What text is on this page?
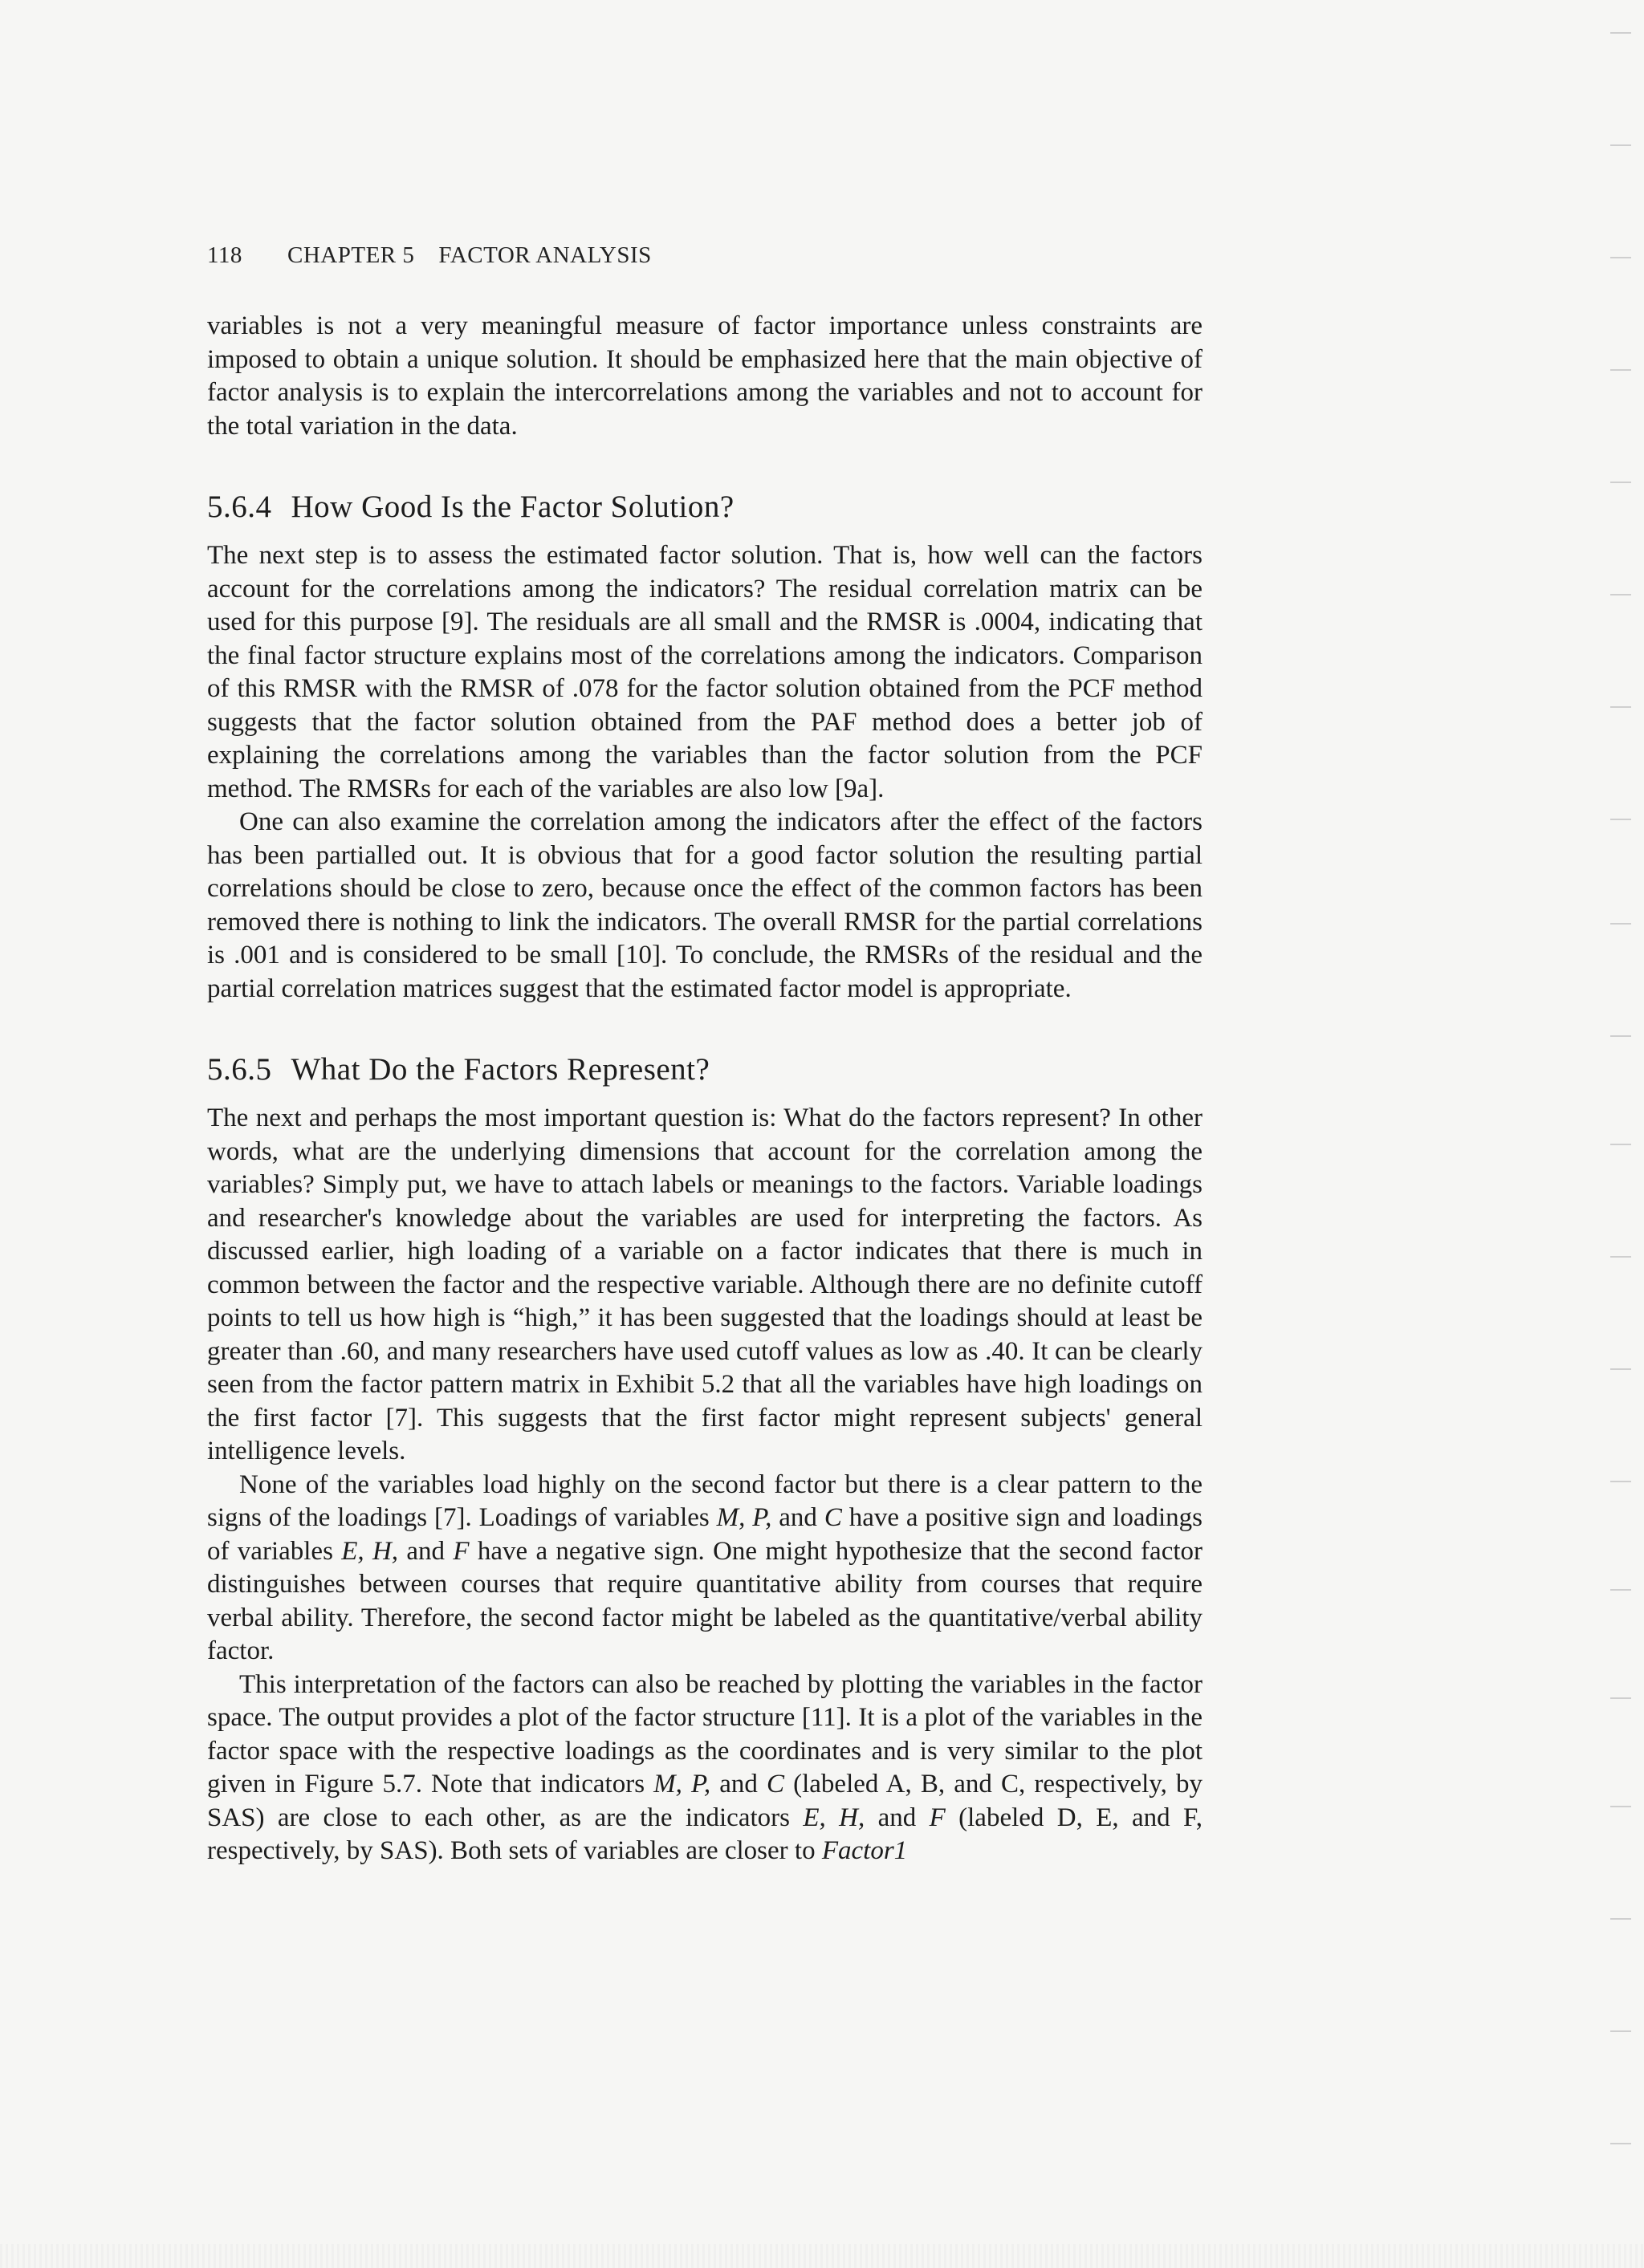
118 CHAPTER 5 FACTOR ANALYSIS

variables is not a very meaningful measure of factor importance unless constraints are imposed to obtain a unique solution. It should be emphasized here that the main objective of factor analysis is to explain the intercorrelations among the variables and not to account for the total variation in the data.

5.6.4 How Good Is the Factor Solution?

The next step is to assess the estimated factor solution. That is, how well can the factors account for the correlations among the indicators? The residual correlation matrix can be used for this purpose [9]. The residuals are all small and the RMSR is .0004, indicating that the final factor structure explains most of the correlations among the indicators. Comparison of this RMSR with the RMSR of .078 for the factor solution obtained from the PCF method suggests that the factor solution obtained from the PAF method does a better job of explaining the correlations among the variables than the factor solution from the PCF method. The RMSRs for each of the variables are also low [9a].

One can also examine the correlation among the indicators after the effect of the factors has been partialled out. It is obvious that for a good factor solution the resulting partial correlations should be close to zero, because once the effect of the common factors has been removed there is nothing to link the indicators. The overall RMSR for the partial correlations is .001 and is considered to be small [10]. To conclude, the RMSRs of the residual and the partial correlation matrices suggest that the estimated factor model is appropriate.

5.6.5 What Do the Factors Represent?

The next and perhaps the most important question is: What do the factors represent? In other words, what are the underlying dimensions that account for the correlation among the variables? Simply put, we have to attach labels or meanings to the factors. Variable loadings and researcher's knowledge about the variables are used for interpreting the factors. As discussed earlier, high loading of a variable on a factor indicates that there is much in common between the factor and the respective variable. Although there are no definite cutoff points to tell us how high is “high,” it has been suggested that the loadings should at least be greater than .60, and many researchers have used cutoff values as low as .40. It can be clearly seen from the factor pattern matrix in Exhibit 5.2 that all the variables have high loadings on the first factor [7]. This suggests that the first factor might represent subjects' general intelligence levels.

None of the variables load highly on the second factor but there is a clear pattern to the signs of the loadings [7]. Loadings of variables M, P, and C have a positive sign and loadings of variables E, H, and F have a negative sign. One might hypothesize that the second factor distinguishes between courses that require quantitative ability from courses that require verbal ability. Therefore, the second factor might be labeled as the quantitative/verbal ability factor.

This interpretation of the factors can also be reached by plotting the variables in the factor space. The output provides a plot of the factor structure [11]. It is a plot of the variables in the factor space with the respective loadings as the coordinates and is very similar to the plot given in Figure 5.7. Note that indicators M, P, and C (labeled A, B, and C, respectively, by SAS) are close to each other, as are the indicators E, H, and F (labeled D, E, and F, respectively, by SAS). Both sets of variables are closer to Factor1
